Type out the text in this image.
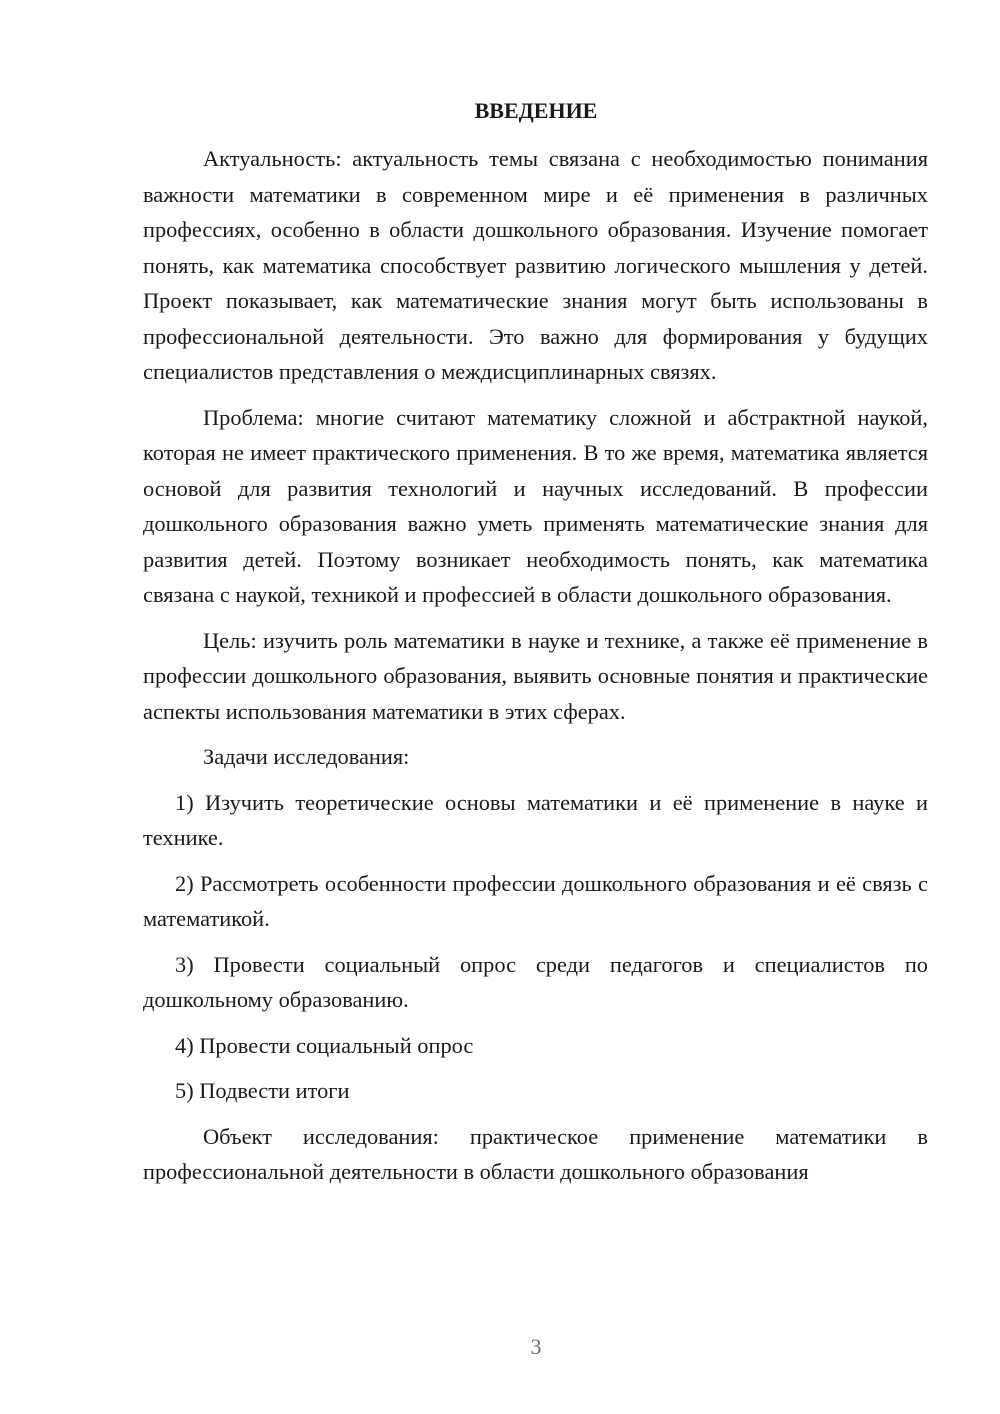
ВВЕДЕНИЕ

Актуальность: актуальность темы связана с необходимостью понимания важности математики в современном мире и её применения в различных профессиях, особенно в области дошкольного образования. Изучение помогает понять, как математика способствует развитию логического мышления у детей. Проект показывает, как математические знания могут быть использованы в профессиональной деятельности. Это важно для формирования у будущих специалистов представления о междисциплинарных связях.

Проблема: многие считают математику сложной и абстрактной наукой, которая не имеет практического применения. В то же время, математика является основой для развития технологий и научных исследований. В профессии дошкольного образования важно уметь применять математические знания для развития детей. Поэтому возникает необходимость понять, как математика связана с наукой, техникой и профессией в области дошкольного образования.

Цель: изучить роль математики в науке и технике, а также её применение в профессии дошкольного образования, выявить основные понятия и практические аспекты использования математики в этих сферах.

Задачи исследования:

1) Изучить теоретические основы математики и её применение в науке и технике.

2) Рассмотреть особенности профессии дошкольного образования и её связь с математикой.

3) Провести социальный опрос среди педагогов и специалистов по дошкольному образованию.

4) Провести социальный опрос

5) Подвести итоги

Объект исследования: практическое применение математики в профессиональной деятельности в области дошкольного образования

3
